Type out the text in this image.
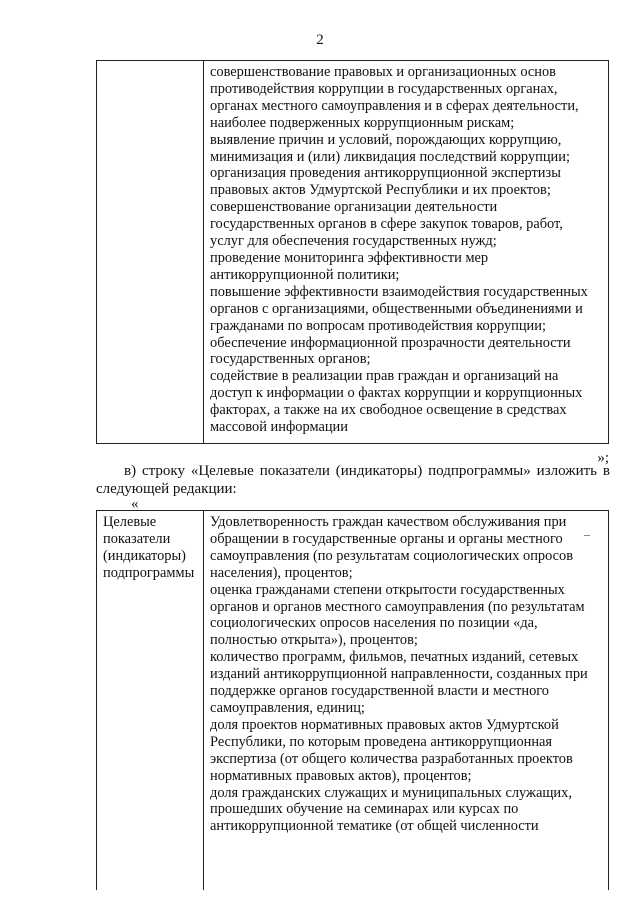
2

совершенствование правовых и организационных основ
противодействия коррупции в государственных органах,
органах местного самоуправления и в сферах деятельности,
наиболее подверженных коррупционным рискам;
выявление причин и условий, порождающих коррупцию,
минимизация и (или) ликвидация последствий коррупции;
организация проведения антикоррупционной экспертизы
правовых актов Удмуртской Республики и их проектов;
совершенствование организации деятельности
государственных органов в сфере закупок товаров, работ,
услуг для обеспечения государственных нужд;
проведение мониторинга эффективности мер
антикоррупционной политики;
повышение эффективности взаимодействия государственных
органов с организациями, общественными объединениями и
гражданами по вопросам противодействия коррупции;
обеспечение информационной прозрачности деятельности
государственных органов;
содействие в реализации прав граждан и организаций на
доступ к информации о фактах коррупции и коррупционных
факторах, а также на их свободное освещение в средствах
массовой информации
»;
в) строку «Целевые показатели (индикаторы) подпрограммы» изложить в
следующей редакции:
«
Целевые
показатели
(индикаторы)
подпрограммы

Удовлетворенность граждан качеством обслуживания при
обращении в государственные органы и органы местного
самоуправления (по результатам социологических опросов
населения), процентов;
оценка гражданами степени открытости государственных
органов и органов местного самоуправления (по результатам
социологических опросов населения по позиции «да,
полностью открыта»), процентов;
количество программ, фильмов, печатных изданий, сетевых
изданий антикоррупционной направленности, созданных при
поддержке органов государственной власти и местного
самоуправления, единиц;
доля проектов нормативных правовых актов Удмуртской
Республики, по которым проведена антикоррупционная
экспертиза (от общего количества разработанных проектов
нормативных правовых актов), процентов;
доля гражданских служащих и муниципальных служащих,
прошедших обучение на семинарах или курсах по
антикоррупционной тематике (от общей численности
